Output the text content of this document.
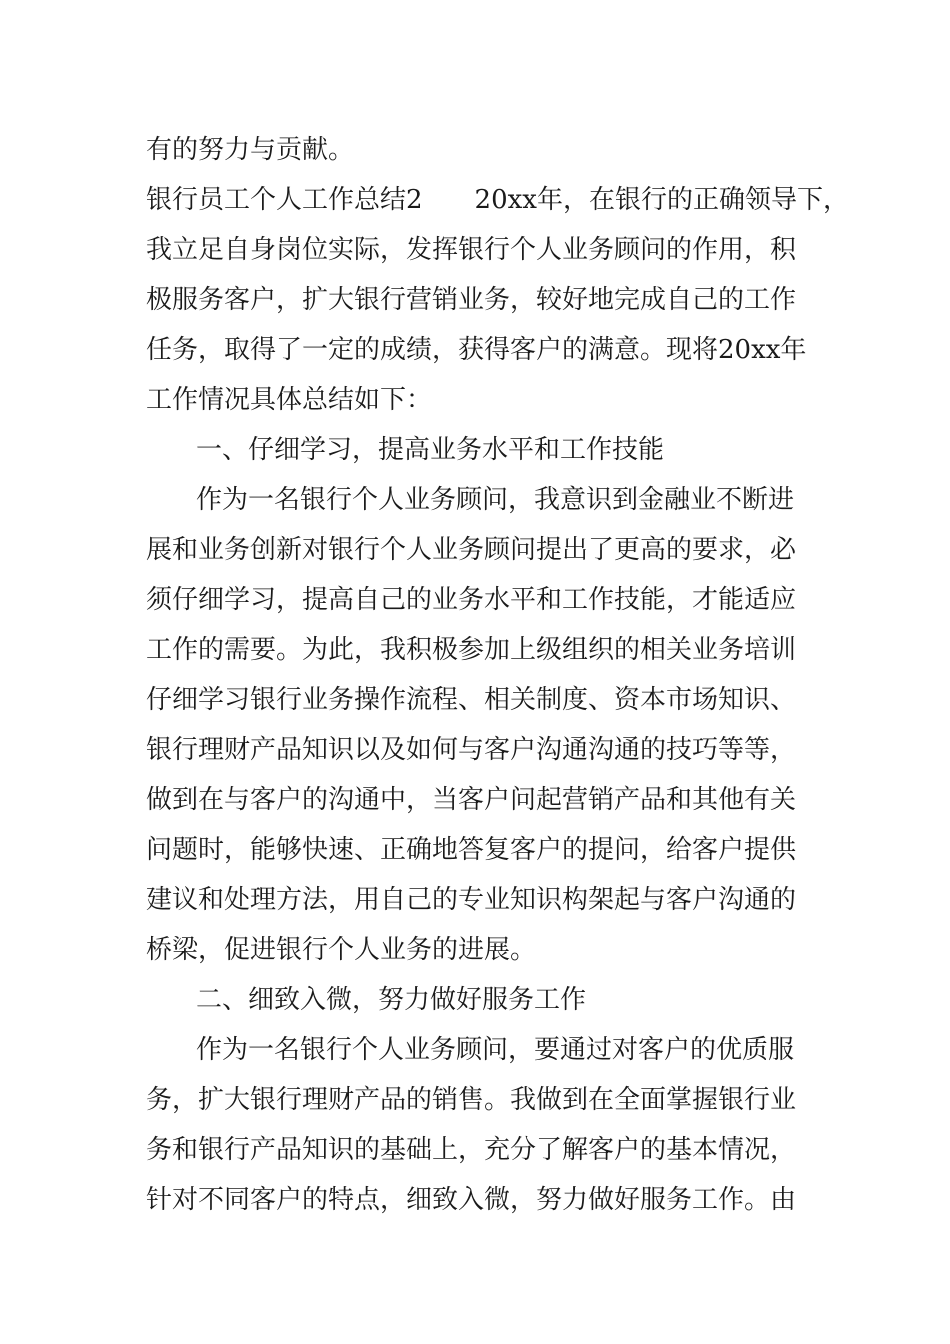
有的努力与贡献。
银行员工个人工作总结2　　20xx年，在银行的正确领导下，
我立足自身岗位实际，发挥银行个人业务顾问的作用，积
极服务客户，扩大银行营销业务，较好地完成自己的工作
任务，取得了一定的成绩，获得客户的满意。现将20xx年
工作情况具体总结如下：
一、仔细学习，提高业务水平和工作技能
作为一名银行个人业务顾问，我意识到金融业不断进
展和业务创新对银行个人业务顾问提出了更高的要求，必
须仔细学习，提高自己的业务水平和工作技能，才能适应
工作的需要。为此，我积极参加上级组织的相关业务培训
仔细学习银行业务操作流程、相关制度、资本市场知识、
银行理财产品知识以及如何与客户沟通沟通的技巧等等，
做到在与客户的沟通中，当客户问起营销产品和其他有关
问题时，能够快速、正确地答复客户的提问，给客户提供
建议和处理方法，用自己的专业知识构架起与客户沟通的
桥梁，促进银行个人业务的进展。
二、细致入微，努力做好服务工作
作为一名银行个人业务顾问，要通过对客户的优质服
务，扩大银行理财产品的销售。我做到在全面掌握银行业
务和银行产品知识的基础上，充分了解客户的基本情况，
针对不同客户的特点，细致入微，努力做好服务工作。由
